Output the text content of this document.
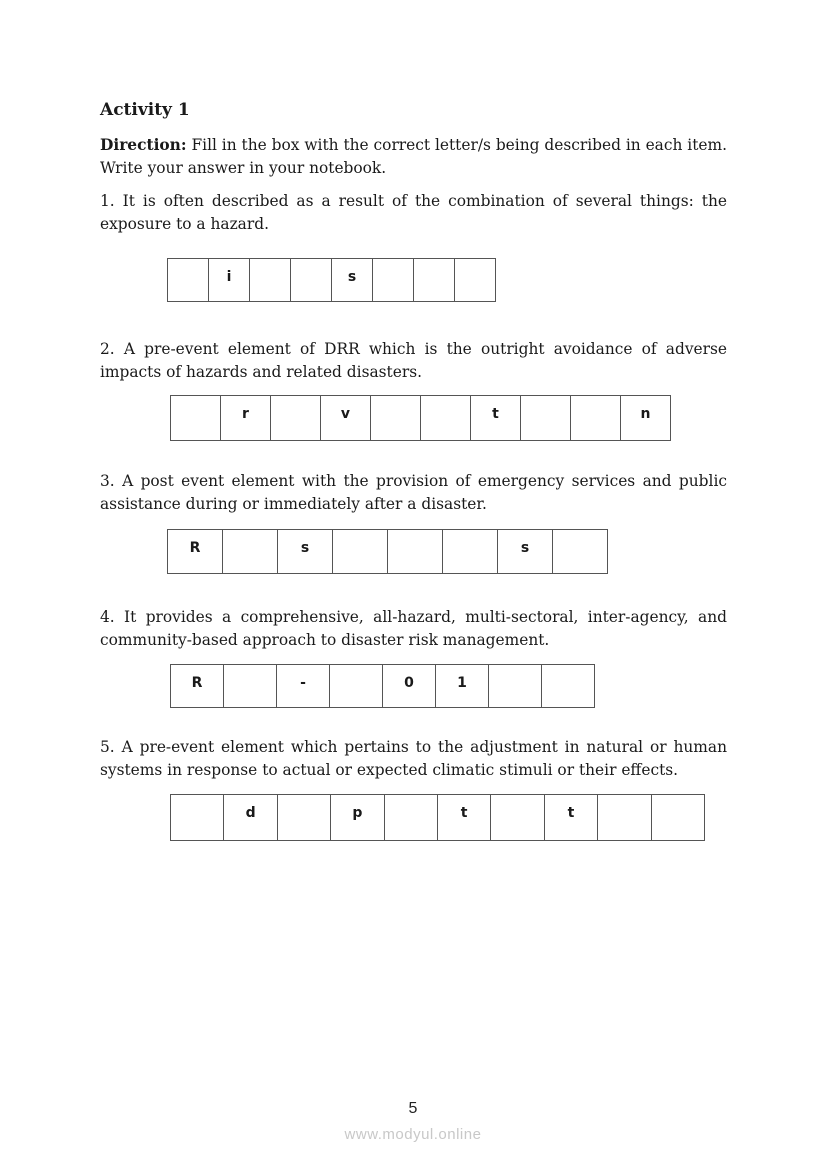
Activity 1
Direction: Fill in the box with the correct letter/s being described in each item. Write your answer in your notebook.
1. It is often described as a result of the combination of several things: the exposure to a hazard.

i			s

2. A pre-event element of DRR which is the outright avoidance of adverse impacts of hazards and related disasters.

r		v			t			n
3. A post event element with the provision of emergency services and public assistance during or immediately after a disaster.
R		s				s

4. It provides a comprehensive, all-hazard, multi-sectoral, inter-agency, and community-based approach to disaster risk management.
R		-		0	1

5. A pre-event element which pertains to the adjustment in natural or human systems in response to actual or expected climatic stimuli or their effects.

d		p		t		t

5
www.modyul.online
